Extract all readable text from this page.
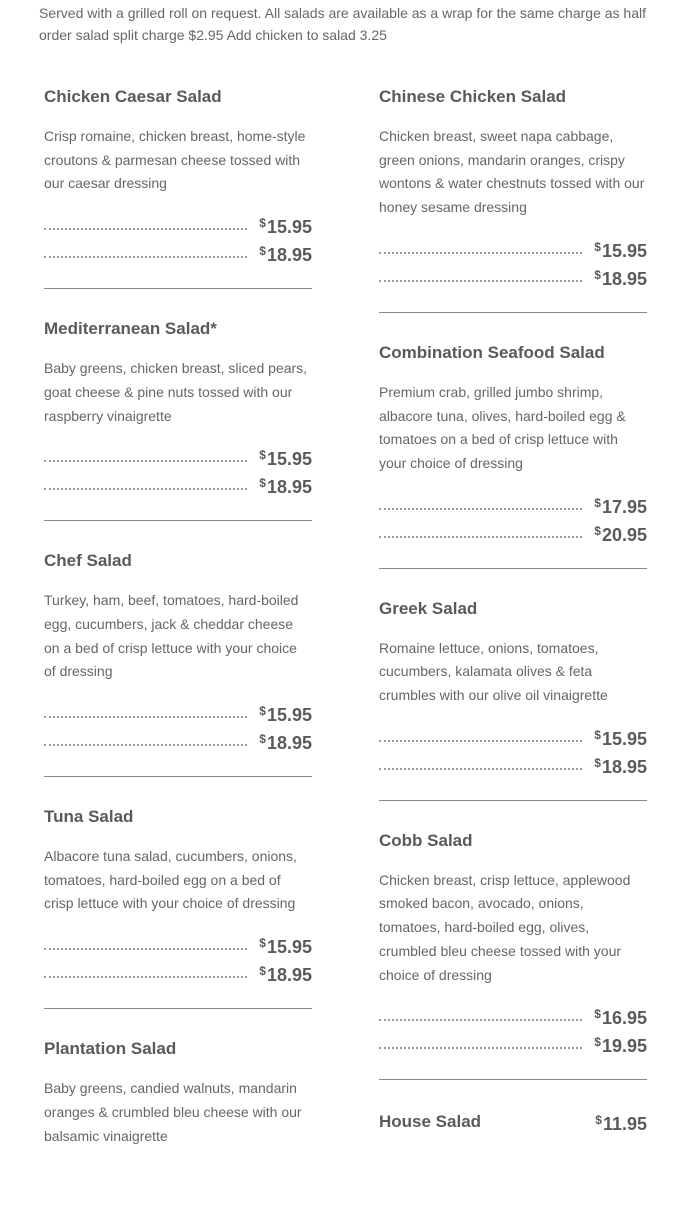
Served with a grilled roll on request. All salads are available as a wrap for the same charge as half order salad split charge $2.95 Add chicken to salad 3.25
Chicken Caesar Salad
Crisp romaine, chicken breast, home-style croutons & parmesan cheese tossed with our caesar dressing
$15.95
$18.95
Mediterranean Salad*
Baby greens, chicken breast, sliced pears, goat cheese & pine nuts tossed with our raspberry vinaigrette
$15.95
$18.95
Chef Salad
Turkey, ham, beef, tomatoes, hard-boiled egg, cucumbers, jack & cheddar cheese on a bed of crisp lettuce with your choice of dressing
$15.95
$18.95
Tuna Salad
Albacore tuna salad, cucumbers, onions, tomatoes, hard-boiled egg on a bed of crisp lettuce with your choice of dressing
$15.95
$18.95
Plantation Salad
Baby greens, candied walnuts, mandarin oranges & crumbled bleu cheese with our balsamic vinaigrette
Chinese Chicken Salad
Chicken breast, sweet napa cabbage, green onions, mandarin oranges, crispy wontons & water chestnuts tossed with our honey sesame dressing
$15.95
$18.95
Combination Seafood Salad
Premium crab, grilled jumbo shrimp, albacore tuna, olives, hard-boiled egg & tomatoes on a bed of crisp lettuce with your choice of dressing
$17.95
$20.95
Greek Salad
Romaine lettuce, onions, tomatoes, cucumbers, kalamata olives & feta crumbles with our olive oil vinaigrette
$15.95
$18.95
Cobb Salad
Chicken breast, crisp lettuce, applewood smoked bacon, avocado, onions, tomatoes, hard-boiled egg, olives, crumbled bleu cheese tossed with your choice of dressing
$16.95
$19.95
House Salad	$11.95
